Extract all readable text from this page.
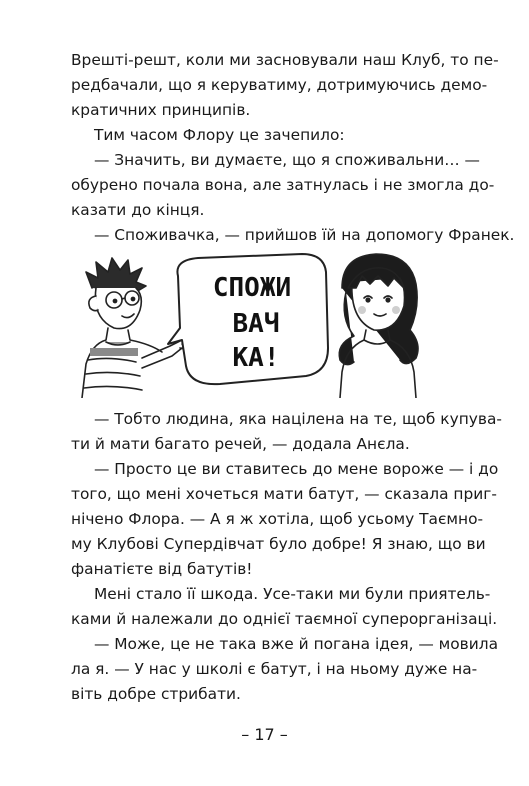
Врешті-решт, коли ми засновували наш Клуб, то пе-
редбачали, що я керуватиму, дотримуючись демо-
кратичних принципів.
Тим часом Флору це зачепило:
— Значить, ви думаєте, що я споживальни… —
обурено почала вона, але затнулась і не змогла до-
казати до кінця.
— Споживачка, — прийшов їй на допомогу Франек.
СПОЖИ
ВАЧ
КА!
— Тобто людина, яка націлена на те, щоб купува-
ти й мати багато речей, — додала Анєла.
— Просто це ви ставитесь до мене вороже — і до
того, що мені хочеться мати батут, — сказала приг-
нічено Флора. — А я ж хотіла, щоб усьому Таємно-
му Клубові Супердівчат було добре! Я знаю, що ви
фанатієте від батутів!
Мені стало її шкода. Усе-таки ми були приятель-
ками й належали до однієї таємної суперорганізаці.
— Може, це не така вже й погана ідея, — мовила
ла я. — У нас у школі є батут, і на ньому дуже на-
віть добре стрибати.
– 17 –
